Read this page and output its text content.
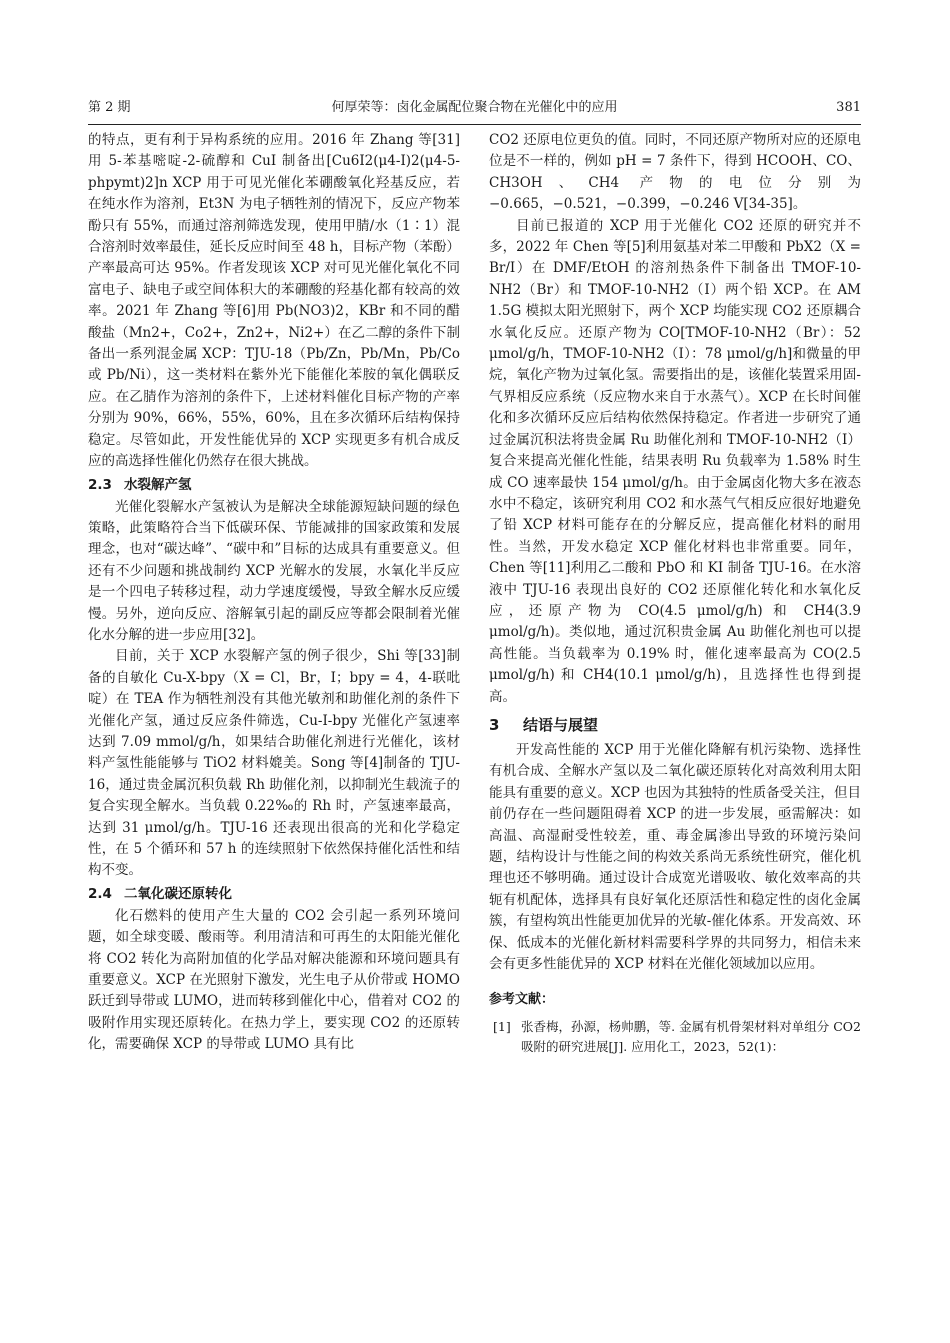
何厚荣等：卤化金属配位聚合物在光催化中的应用
第 2 期	381

的特点，更有利于异构系统的应用。2016 年 Zhang 等[31]用 5-苯基嘧啶-2-硫醇和 CuI 制备出[Cu6I2(μ4-I)2(μ4-5-phpymt)2]n XCP 用于可见光催化苯硼酸氧化羟基反应，若在纯水作为溶剂，Et3N 为电子牺牲剂的情况下，反应产物苯酚只有 55%，而通过溶剂筛选发现，使用甲腈/水（1∶1）混合溶剂时效率最佳，延长反应时间至 48 h，目标产物（苯酚）产率最高可达 95%。作者发现该 XCP 对可见光催化氧化不同富电子、缺电子或空间体积大的苯硼酸的羟基化都有较高的效率。2021 年 Zhang 等[6]用 Pb(NO3)2，KBr 和不同的醋酸盐（Mn2+，Co2+，Zn2+，Ni2+）在乙二醇的条件下制备出一系列混金属 XCP：TJU-18（Pb/Zn，Pb/Mn，Pb/Co 或 Pb/Ni），这一类材料在紫外光下能催化苯胺的氧化偶联反应。在乙腈作为溶剂的条件下，上述材料催化目标产物的产率分别为 90%，66%，55%，60%，且在多次循环后结构保持稳定。尽管如此，开发性能优异的 XCP 实现更多有机合成反应的高选择性催化仍然存在很大挑战。

2.3 水裂解产氢

光催化裂解水产氢被认为是解决全球能源短缺问题的绿色策略，此策略符合当下低碳环保、节能减排的国家政策和发展理念，也对“碳达峰”、“碳中和”目标的达成具有重要意义。但还有不少问题和挑战制约 XCP 光解水的发展，水氧化半反应是一个四电子转移过程，动力学速度缓慢，导致全解水反应缓慢。另外，逆向反应、溶解氧引起的副反应等都会限制着光催化水分解的进一步应用[32]。

目前，关于 XCP 水裂解产氢的例子很少，Shi 等[33]制备的自敏化 Cu-X-bpy（X = Cl，Br，I；bpy = 4，4-联吡啶）在 TEA 作为牺牲剂没有其他光敏剂和助催化剂的条件下光催化产氢，通过反应条件筛选，Cu-I-bpy 光催化产氢速率达到 7.09 mmol/g/h，如果结合助催化剂进行光催化，该材料产氢性能能够与 TiO2 材料媲美。Song 等[4]制备的 TJU-16，通过贵金属沉积负载 Rh 助催化剂，以抑制光生载流子的复合实现全解水。当负载 0.22‰的 Rh 时，产氢速率最高，达到 31 μmol/g/h。TJU-16 还表现出很高的光和化学稳定性，在 5 个循环和 57 h 的连续照射下依然保持催化活性和结构不变。

2.4 二氧化碳还原转化

化石燃料的使用产生大量的 CO2 会引起一系列环境问题，如全球变暖、酸雨等。利用清洁和可再生的太阳能光催化将 CO2 转化为高附加值的化学品对解决能源和环境问题具有重要意义。XCP 在光照射下激发，光生电子从价带或 HOMO 跃迁到导带或 LUMO，进而转移到催化中心，借着对 CO2 的吸附作用实现还原转化。在热力学上，要实现 CO2 的还原转化，需要确保 XCP 的导带或 LUMO 具有比

CO2 还原电位更负的值。同时，不同还原产物所对应的还原电位是不一样的，例如 pH = 7 条件下，得到 HCOOH、CO、CH3OH、CH4 产物的电位分别为 −0.665，−0.521，−0.399，−0.246 V[34-35]。

目前已报道的 XCP 用于光催化 CO2 还原的研究并不多，2022 年 Chen 等[5]利用氨基对苯二甲酸和 PbX2（X = Br/I）在 DMF/EtOH 的溶剂热条件下制备出 TMOF-10-NH2（Br）和 TMOF-10-NH2（I）两个铅 XCP。在 AM 1.5G 模拟太阳光照射下，两个 XCP 均能实现 CO2 还原耦合水氧化反应。还原产物为 CO[TMOF-10-NH2（Br）：52 μmol/g/h，TMOF-10-NH2（I）：78 μmol/g/h]和微量的甲烷，氧化产物为过氧化氢。需要指出的是，该催化装置采用固-气界相反应系统（反应物水来自于水蒸气）。XCP 在长时间催化和多次循环反应后结构依然保持稳定。作者进一步研究了通过金属沉积法将贵金属 Ru 助催化剂和 TMOF-10-NH2（I）复合来提高光催化性能，结果表明 Ru 负载率为 1.58% 时生成 CO 速率最快 154 μmol/g/h。由于金属卤化物大多在液态水中不稳定，该研究利用 CO2 和水蒸气气相反应很好地避免了铅 XCP 材料可能存在的分解反应，提高催化材料的耐用性。当然，开发水稳定 XCP 催化材料也非常重要。同年，Chen 等[11]利用乙二酸和 PbO 和 KI 制备 TJU-16。在水溶液中 TJU-16 表现出良好的 CO2 还原催化转化和水氧化反应，还原产物为 CO(4.5 μmol/g/h) 和 CH4(3.9 μmol/g/h)。类似地，通过沉积贵金属 Au 助催化剂也可以提高性能。当负载率为 0.19% 时，催化速率最高为 CO(2.5 μmol/g/h) 和 CH4(10.1 μmol/g/h)，且选择性也得到提高。

3 结语与展望

开发高性能的 XCP 用于光催化降解有机污染物、选择性有机合成、全解水产氢以及二氧化碳还原转化对高效利用太阳能具有重要的意义。XCP 也因为其独特的性质备受关注，但目前仍存在一些问题阻碍着 XCP 的进一步发展，亟需解决：如高温、高湿耐受性较差，重、毒金属渗出导致的环境污染问题，结构设计与性能之间的构效关系尚无系统性研究，催化机理也还不够明确。通过设计合成宽光谱吸收、敏化效率高的共轭有机配体，选择具有良好氧化还原活性和稳定性的卤化金属簇，有望构筑出性能更加优异的光敏-催化体系。开发高效、环保、低成本的光催化新材料需要科学界的共同努力，相信未来会有更多性能优异的 XCP 材料在光催化领域加以应用。

参考文献：
[1] 张香梅，孙源，杨帅鹏，等. 金属有机骨架材料对单组分 CO2 吸附的研究进展[J]. 应用化工，2023，52(1)：
